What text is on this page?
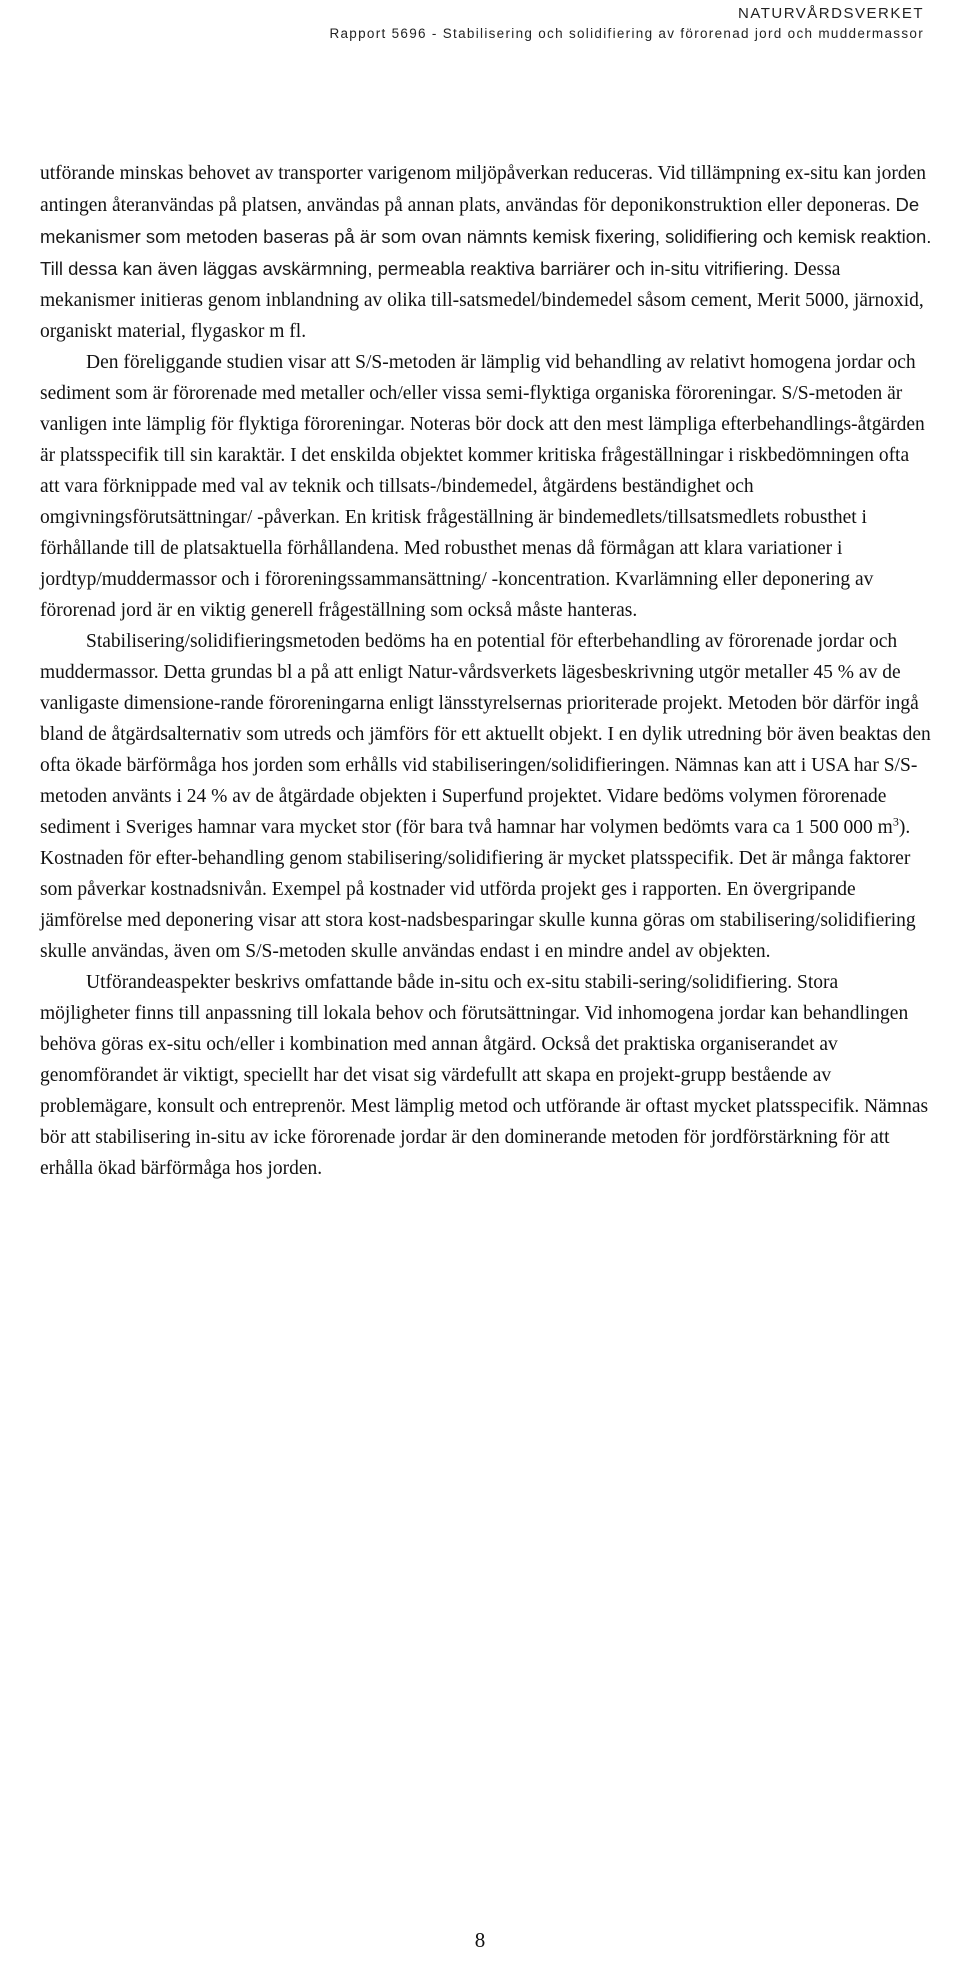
NATURVÅRDSVERKET
Rapport 5696 - Stabilisering och solidifiering av förorenad jord och muddermassor

utförande minskas behovet av transporter varigenom miljöpåverkan reduceras. Vid tillämpning ex-situ kan jorden antingen återanvändas på platsen, användas på annan plats, användas för deponikonstruktion eller deponeras. De mekanismer som metoden baseras på är som ovan nämnts kemisk fixering, solidifiering och kemisk reaktion. Till dessa kan även läggas avskärmning, permeabla reaktiva barriärer och in-situ vitrifiering. Dessa mekanismer initieras genom inblandning av olika till-satsmedel/bindemedel såsom cement, Merit 5000, järnoxid, organiskt material, flygaskor m fl.

Den föreliggande studien visar att S/S-metoden är lämplig vid behandling av relativt homogena jordar och sediment som är förorenade med metaller och/eller vissa semi-flyktiga organiska föroreningar. S/S-metoden är vanligen inte lämplig för flyktiga föroreningar. Noteras bör dock att den mest lämpliga efterbehandlings-åtgärden är platsspecifik till sin karaktär. I det enskilda objektet kommer kritiska frågeställningar i riskbedömningen ofta att vara förknippade med val av teknik och tillsats-/bindemedel, åtgärdens beständighet och omgivningsförutsättningar/ -påverkan. En kritisk frågeställning är bindemedlets/tillsatsmedlets robusthet i förhållande till de platsaktuella förhållandena. Med robusthet menas då förmågan att klara variationer i jordtyp/muddermassor och i föroreningssammansättning/ -koncentration. Kvarlämning eller deponering av förorenad jord är en viktig generell frågeställning som också måste hanteras.

Stabilisering/solidifieringsmetoden bedöms ha en potential för efterbehandling av förorenade jordar och muddermassor. Detta grundas bl a på att enligt Natur-vårdsverkets lägesbeskrivning utgör metaller 45 % av de vanligaste dimensione-rande föroreningarna enligt länsstyrelsernas prioriterade projekt. Metoden bör därför ingå bland de åtgärdsalternativ som utreds och jämförs för ett aktuellt objekt. I en dylik utredning bör även beaktas den ofta ökade bärförmåga hos jorden som erhålls vid stabiliseringen/solidifieringen. Nämnas kan att i USA har S/S-metoden använts i 24 % av de åtgärdade objekten i Superfund projektet. Vidare bedöms volymen förorenade sediment i Sveriges hamnar vara mycket stor (för bara två hamnar har volymen bedömts vara ca 1 500 000 $m^3$). Kostnaden för efter-behandling genom stabilisering/solidifiering är mycket platsspecifik. Det är många faktorer som påverkar kostnadsnivån. Exempel på kostnader vid utförda projekt ges i rapporten. En övergripande jämförelse med deponering visar att stora kost-nadsbesparingar skulle kunna göras om stabilisering/solidifiering skulle användas, även om S/S-metoden skulle användas endast i en mindre andel av objekten.

Utförandeaspekter beskrivs omfattande både in-situ och ex-situ stabili-sering/solidifiering. Stora möjligheter finns till anpassning till lokala behov och förutsättningar. Vid inhomogena jordar kan behandlingen behöva göras ex-situ och/eller i kombination med annan åtgärd. Också det praktiska organiserandet av genomförandet är viktigt, speciellt har det visat sig värdefullt att skapa en projekt-grupp bestående av problemägare, konsult och entreprenör. Mest lämplig metod och utförande är oftast mycket platsspecifik. Nämnas bör att stabilisering in-situ av icke förorenade jordar är den dominerande metoden för jordförstärkning för att erhålla ökad bärförmåga hos jorden.

8
